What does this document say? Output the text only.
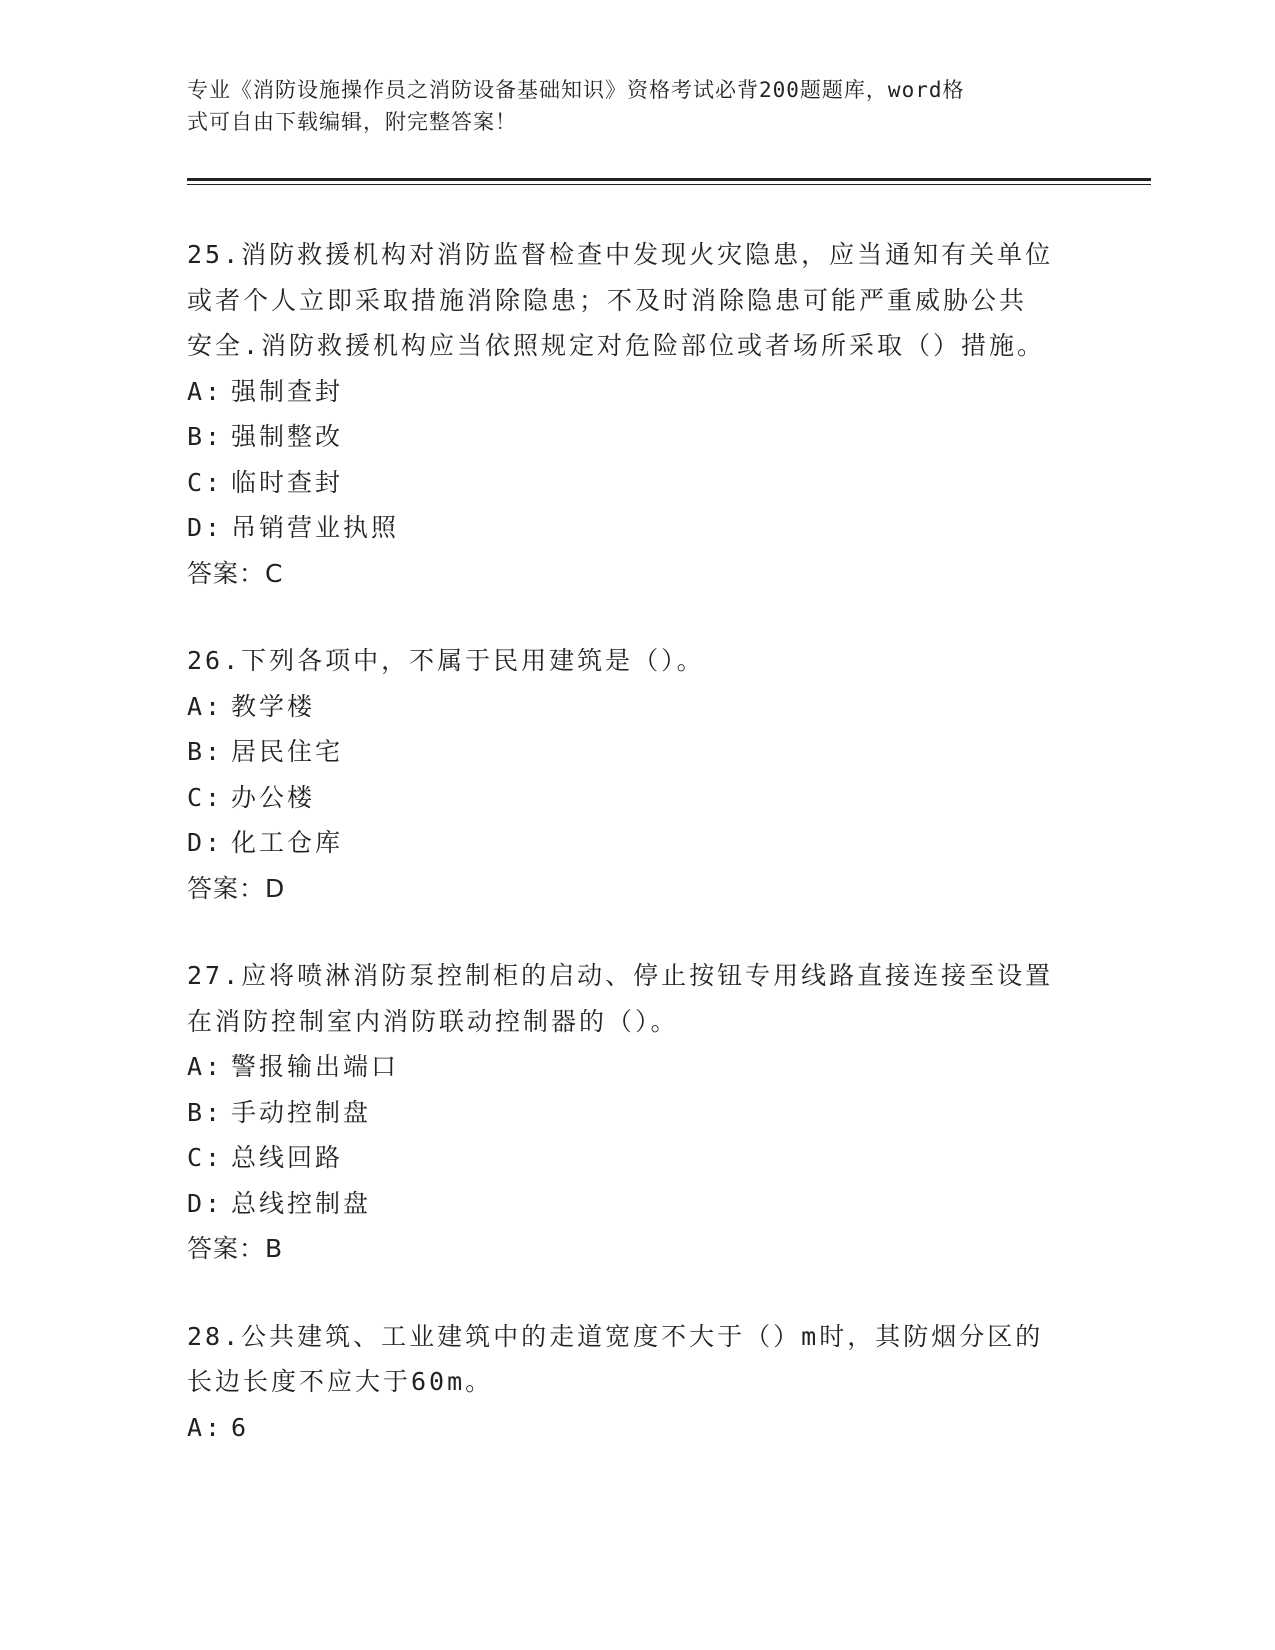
专业《消防设施操作员之消防设备基础知识》资格考试必背200题题库，word格
式可自由下载编辑，附完整答案！

25.消防救援机构对消防监督检查中发现火灾隐患，应当通知有关单位

或者个人立即采取措施消除隐患；不及时消除隐患可能严重威胁公共

安全.消防救援机构应当依照规定对危险部位或者场所采取（）措施。

A: 强制查封

B: 强制整改

C: 临时查封

D: 吊销营业执照

答案：C

26.下列各项中，不属于民用建筑是（）。

A: 教学楼

B: 居民住宅

C: 办公楼

D: 化工仓库

答案：D

27.应将喷淋消防泵控制柜的启动、停止按钮专用线路直接连接至设置

在消防控制室内消防联动控制器的（）。

A: 警报输出端口

B: 手动控制盘

C: 总线回路

D: 总线控制盘

答案：B

28.公共建筑、工业建筑中的走道宽度不大于（）m时，其防烟分区的

长边长度不应大于60m。

A: 6
